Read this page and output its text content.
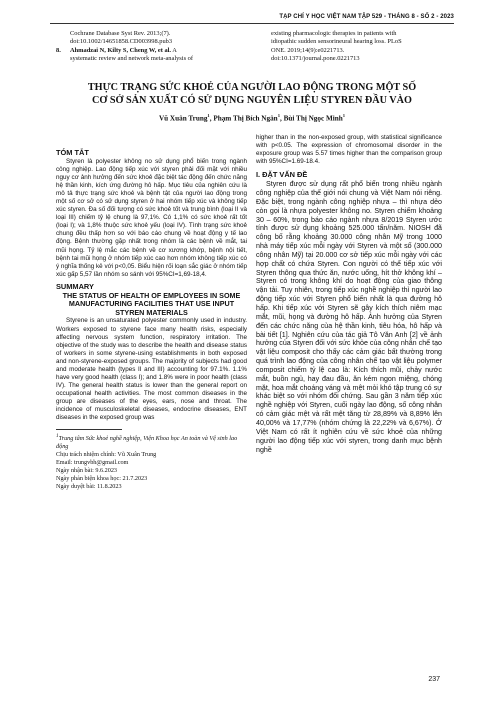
TẠP CHÍ Y HỌC VIỆT NAM TẬP 529 - THÁNG 8 - SỐ 2 - 2023
Cochrane Database Syst Rev. 2013;(7).
doi:10.1002/14651858.CD003998.pub3
8. Ahmadzai N, Kilty S, Cheng W, et al. A
systematic review and network meta-analysis of
existing pharmacologic therapies in patients with
idiopathic sudden sensorineural hearing loss. PLoS
ONE. 2019;14(9):e0221713.
doi:10.1371/journal.pone.0221713
THỰC TRẠNG SỨC KHOẺ CỦA NGƯỜI LAO ĐỘNG TRONG MỘT SỐ
CƠ SỞ SẢN XUẤT CÓ SỬ DỤNG NGUYÊN LIỆU STYREN ĐẦU VÀO
Vũ Xuân Trung$^1$, Phạm Thị Bích Ngân$^1$, Bùi Thị Ngọc Minh$^1$
TÓM TẮT

Styren là polyester không no sử dụng phổ biến trong ngành công nghiệp. Lao động tiếp xúc với styren phải đối mặt với nhiều nguy cơ ảnh hưởng đến sức khoẻ đặc biệt tác động đến chức năng hệ thần kinh, kích ứng đường hô hấp. Mục tiêu của nghiên cứu là mô tả thực trạng sức khoẻ và bệnh tật của người lao động trong một số cơ sở có sử dụng styren ở hai nhóm tiếp xúc và không tiếp xúc styren. Đa số đối tượng có sức khoẻ tốt và trung bình (loại II và loại III) chiếm tỷ lệ chung là 97,1%. Có 1,1% có sức khoẻ rất tốt (loại I); và 1,8% thuộc sức khoẻ yếu (loại IV). Tình trạng sức khoẻ chung đều thấp hơn so với báo cáo chung về hoạt động y tế lao động. Bệnh thường gặp nhất trong nhóm là các bệnh về mắt, tai mũi họng. Tỷ lệ mắc các bệnh về cơ xương khớp, bệnh nội tiết, bệnh tai mũi họng ở nhóm tiếp xúc cao hơn nhóm không tiếp xúc có ý nghĩa thống kê với p<0,05. Biểu hiện rối loạn sắc giác ở nhóm tiếp xúc gấp 5,57 lần nhóm so sánh với 95%CI=1,69-18,4.

SUMMARY
THE STATUS OF HEALTH OF EMPLOYEES IN SOME MANUFACTURING FACILITIES THAT USE INPUT STYREN MATERIALS

Styrene is an unsaturated polyester commonly used in industry. Workers exposed to styrene face many health risks, especially affecting nervous system function, respiratory irritation. The objective of the study was to describe the health and disease status of workers in some styrene-using establishments in both exposed and non-styrene-exposed groups. The majority of subjects had good and moderate health (types II and III) accounting for 97.1%. 1.1% have very good health (class I); and 1.8% were in poor health (class IV). The general health status is lower than the general report on occupational health activities. The most common diseases in the group are diseases of the eyes, ears, nose and throat. The incidence of musculoskeletal diseases, endocrine diseases, ENT diseases in the exposed group was

$^1$Trung tâm Sức khoẻ nghề nghiệp, Viện Khoa học An toàn và Vệ sinh lao động

Chịu trách nhiệm chính: Vũ Xuân Trung

Email: trungvbh@gmail.com

Ngày nhận bài: 9.6.2023

Ngày phản biện khoa học: 21.7.2023

Ngày duyệt bài: 11.8.2023

higher than in the non-exposed group, with statistical significance with p<0.05. The expression of chromosomal disorder in the exposure group was 5.57 times higher than the comparison group with 95%CI=1.69-18.4.

I. ĐẶT VẤN ĐỀ

Styren được sử dụng rất phổ biến trong nhiều ngành công nghiệp của thế giới nói chung và Việt Nam nói riêng. Đặc biệt, trong ngành công nghiệp nhựa – thì nhựa dẻo còn gọi là nhựa polyester không no. Styren chiếm khoảng 30 – 60%, trong báo cáo ngành nhựa 8/2019 Styren ước tính được sử dụng khoảng 525.000 tấn/năm. NIOSH đã công bố rằng khoảng 30.000 công nhân Mỹ trong 1000 nhà máy tiếp xúc mỗi ngày với Styren và một số (300.000 công nhân Mỹ) tại 20.000 cơ sở tiếp xúc mỗi ngày với các hợp chất có chứa Styren. Con người có thể tiếp xúc với Styren thông qua thức ăn, nước uống, hít thở không khí – Styren có trong không khí do hoạt động của giao thông vận tải. Tuy nhiên, trong tiếp xúc nghề nghiệp thì người lao động tiếp xúc với Styren phổ biến nhất là qua đường hô hấp. Khi tiếp xúc với Styren sẽ gây kích thích niêm mạc mắt, mũi, họng và đường hô hấp. Ảnh hưởng của Styren đến các chức năng của hệ thần kinh, tiêu hóa, hô hấp và bài tiết [1]. Nghiên cứu của tác giả Tô Văn Anh [2] về ảnh hưởng của Styren đối với sức khỏe của công nhân chế tạo vật liệu composit cho thấy các cảm giác bất thường trong quá trình lao động của công nhân chế tạo vật liệu polymer composit chiếm tỷ lệ cao là: Kích thích mũi, chảy nước mắt, buồn ngủ, hay đau đầu, ăn kém ngon miệng, chóng mặt, hoa mắt choáng váng và mệt mỏi khó tập trung có sự khác biệt so với nhóm đối chứng. Sau gần 3 năm tiếp xúc nghề nghiệp với Styren, cuối ngày lao động, số công nhân có cảm giác mệt và rất mệt tăng từ 28,89% và 8,89% lên 40,00% và 17,77% (nhóm chứng là 22,22% và 6,67%). Ở Việt Nam có rất ít nghiên cứu về sức khoẻ của những người lao động tiếp xúc với styren, trong danh mục bệnh nghề

237
